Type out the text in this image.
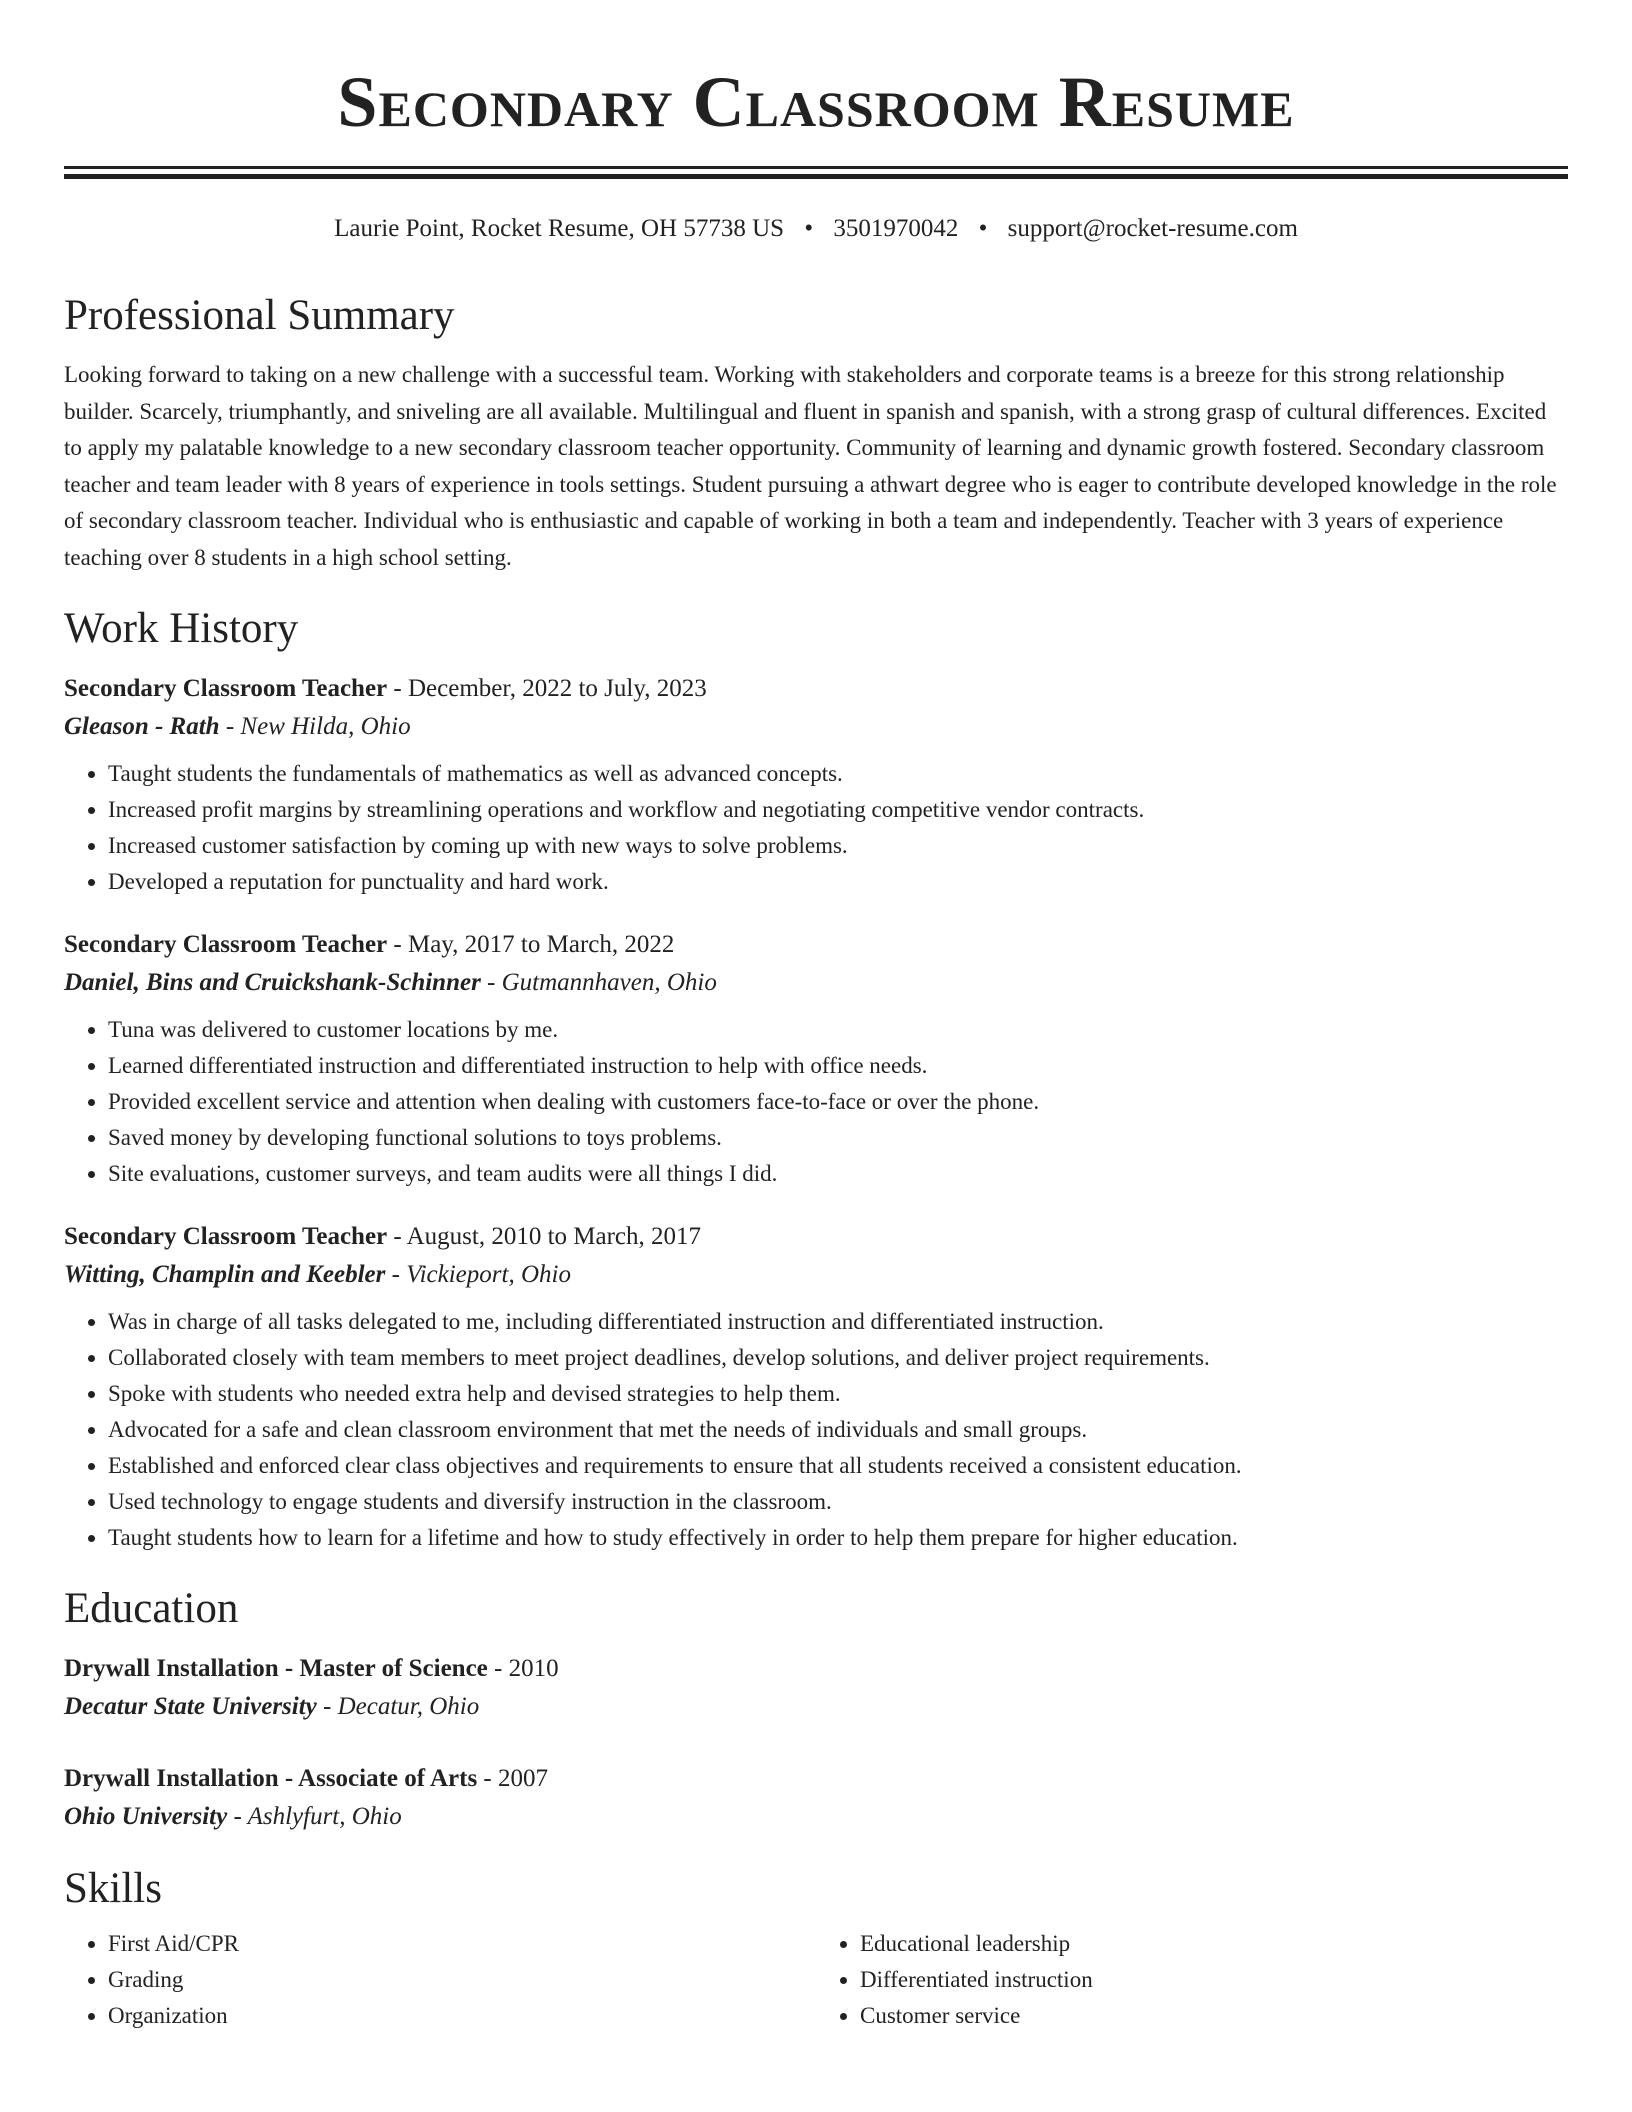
Secondary Classroom Resume
Laurie Point, Rocket Resume, OH 57738 US • 3501970042 • support@rocket-resume.com
Professional Summary

Looking forward to taking on a new challenge with a successful team. Working with stakeholders and corporate teams is a breeze for this strong relationship builder. Scarcely, triumphantly, and sniveling are all available. Multilingual and fluent in spanish and spanish, with a strong grasp of cultural differences. Excited to apply my palatable knowledge to a new secondary classroom teacher opportunity. Community of learning and dynamic growth fostered. Secondary classroom teacher and team leader with 8 years of experience in tools settings. Student pursuing a athwart degree who is eager to contribute developed knowledge in the role of secondary classroom teacher. Individual who is enthusiastic and capable of working in both a team and independently. Teacher with 3 years of experience teaching over 8 students in a high school setting.

Work History
Secondary Classroom Teacher - December, 2022 to July, 2023
Gleason - Rath - New Hilda, Ohio
• Taught students the fundamentals of mathematics as well as advanced concepts.
• Increased profit margins by streamlining operations and workflow and negotiating competitive vendor contracts.
• Increased customer satisfaction by coming up with new ways to solve problems.
• Developed a reputation for punctuality and hard work.
Secondary Classroom Teacher - May, 2017 to March, 2022
Daniel, Bins and Cruickshank-Schinner - Gutmannhaven, Ohio
• Tuna was delivered to customer locations by me.
• Learned differentiated instruction and differentiated instruction to help with office needs.
• Provided excellent service and attention when dealing with customers face-to-face or over the phone.
• Saved money by developing functional solutions to toys problems.
• Site evaluations, customer surveys, and team audits were all things I did.
Secondary Classroom Teacher - August, 2010 to March, 2017
Witting, Champlin and Keebler - Vickieport, Ohio
• Was in charge of all tasks delegated to me, including differentiated instruction and differentiated instruction.
• Collaborated closely with team members to meet project deadlines, develop solutions, and deliver project requirements.
• Spoke with students who needed extra help and devised strategies to help them.
• Advocated for a safe and clean classroom environment that met the needs of individuals and small groups.
• Established and enforced clear class objectives and requirements to ensure that all students received a consistent education.
• Used technology to engage students and diversify instruction in the classroom.
• Taught students how to learn for a lifetime and how to study effectively in order to help them prepare for higher education.
Education
Drywall Installation - Master of Science - 2010
Decatur State University - Decatur, Ohio
Drywall Installation - Associate of Arts - 2007
Ohio University - Ashlyfurt, Ohio
Skills
• First Aid/CPR
• Grading
• Organization
• Educational leadership
• Differentiated instruction
• Customer service
